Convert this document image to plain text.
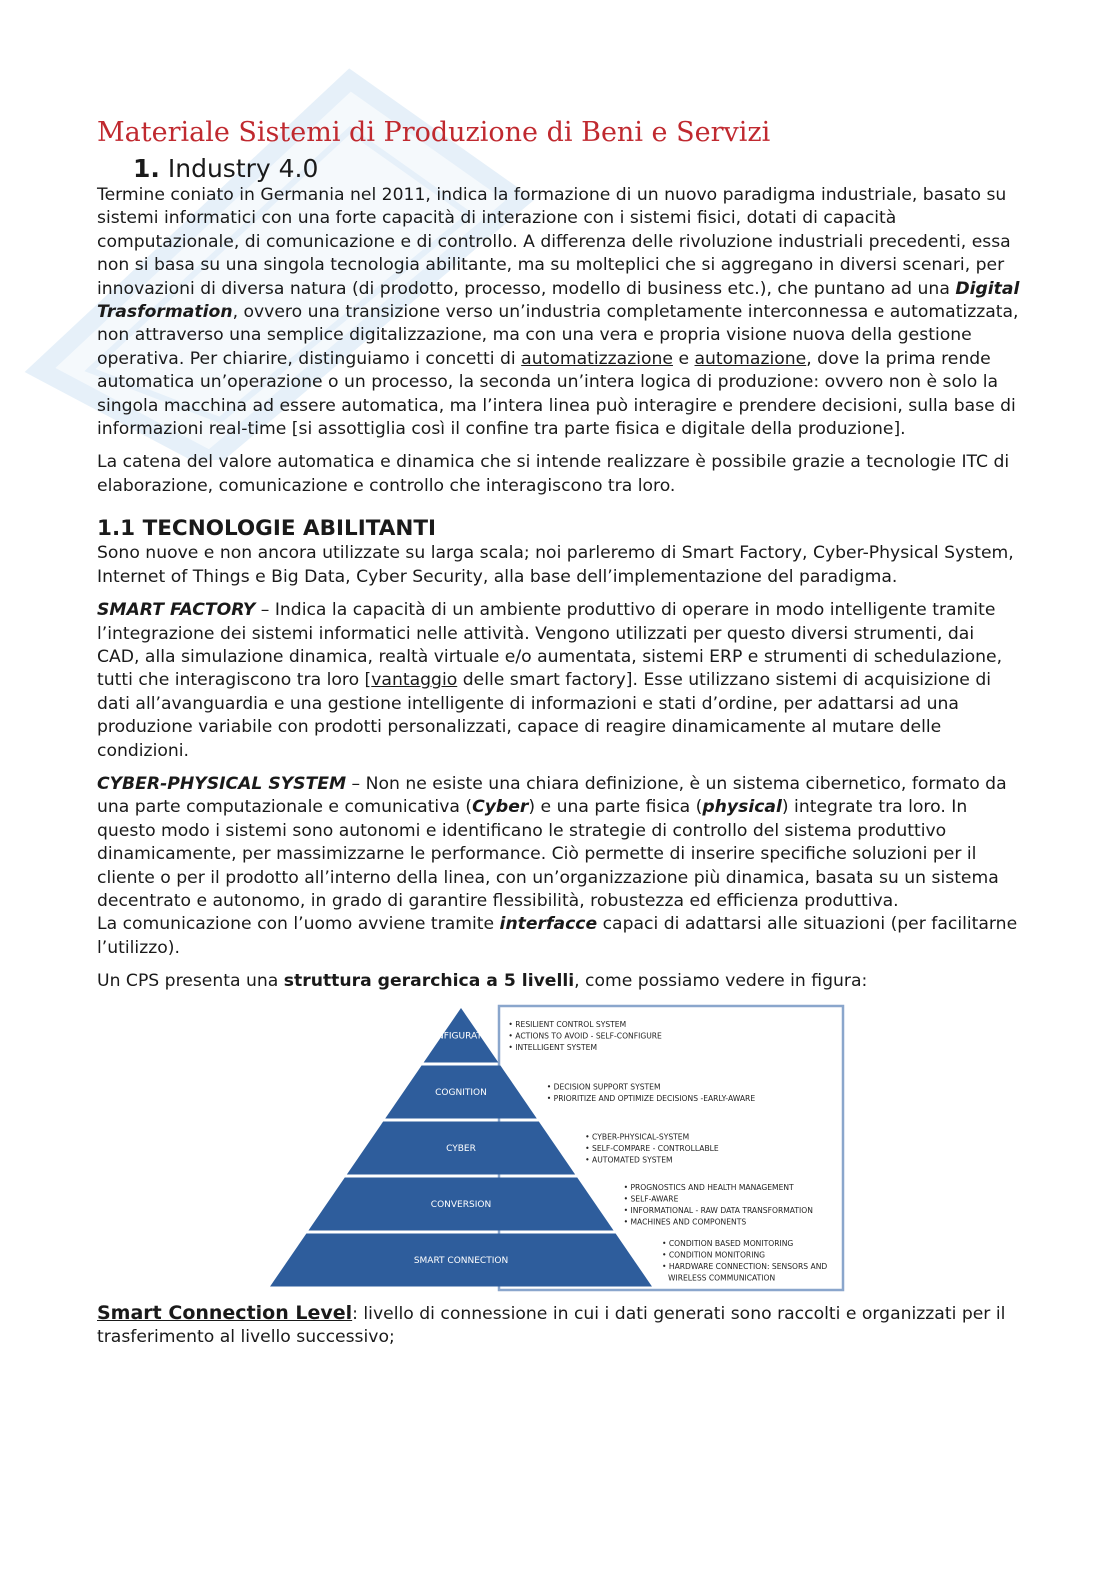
Materiale Sistemi di Produzione di Beni e Servizi
1. Industry 4.0

Termine coniato in Germania nel 2011, indica la formazione di un nuovo paradigma industriale, basato su sistemi informatici con una forte capacità di interazione con i sistemi fisici, dotati di capacità computazionale, di comunicazione e di controllo. A differenza delle rivoluzione industriali precedenti, essa non si basa su una singola tecnologia abilitante, ma su molteplici che si aggregano in diversi scenari, per innovazioni di diversa natura (di prodotto, processo, modello di business etc.), che puntano ad una Digital Trasformation, ovvero una transizione verso un’industria completamente interconnessa e automatizzata, non attraverso una semplice digitalizzazione, ma con una vera e propria visione nuova della gestione operativa. Per chiarire, distinguiamo i concetti di automatizzazione e automazione, dove la prima rende automatica un’operazione o un processo, la seconda un’intera logica di produzione: ovvero non è solo la singola macchina ad essere automatica, ma l’intera linea può interagire e prendere decisioni, sulla base di informazioni real-time [si assottiglia così il confine tra parte fisica e digitale della produzione].

La catena del valore automatica e dinamica che si intende realizzare è possibile grazie a tecnologie ITC di elaborazione, comunicazione e controllo che interagiscono tra loro.

1.1 TECNOLOGIE ABILITANTI

Sono nuove e non ancora utilizzate su larga scala; noi parleremo di Smart Factory, Cyber-Physical System, Internet of Things e Big Data, Cyber Security, alla base dell’implementazione del paradigma.

SMART FACTORY – Indica la capacità di un ambiente produttivo di operare in modo intelligente tramite l’integrazione dei sistemi informatici nelle attività. Vengono utilizzati per questo diversi strumenti, dai CAD, alla simulazione dinamica, realtà virtuale e/o aumentata, sistemi ERP e strumenti di schedulazione, tutti che interagiscono tra loro [vantaggio delle smart factory]. Esse utilizzano sistemi di acquisizione di dati all’avanguardia e una gestione intelligente di informazioni e stati d’ordine, per adattarsi ad una produzione variabile con prodotti personalizzati, capace di reagire dinamicamente al mutare delle condizioni.

CYBER-PHYSICAL SYSTEM – Non ne esiste una chiara definizione, è un sistema cibernetico, formato da una parte computazionale e comunicativa (Cyber) e una parte fisica (physical) integrate tra loro. In questo modo i sistemi sono autonomi e identificano le strategie di controllo del sistema produttivo dinamicamente, per massimizzarne le performance. Ciò permette di inserire specifiche soluzioni per il cliente o per il prodotto all’interno della linea, con un’organizzazione più dinamica, basata su un sistema decentrato e autonomo, in grado di garantire flessibilità, robustezza ed efficienza produttiva.

La comunicazione con l’uomo avviene tramite interfacce capaci di adattarsi alle situazioni (per facilitarne l’utilizzo).

Un CPS presenta una struttura gerarchica a 5 livelli, come possiamo vedere in figura:

CONFIGURATION
• RESILIENT CONTROL SYSTEM
• ACTIONS TO AVOID - SELF-CONFIGURE
• INTELLIGENT SYSTEM
COGNITION
• DECISION SUPPORT SYSTEM
• PRIORITIZE AND OPTIMIZE DECISIONS -EARLY-AWARE
CYBER
• CYBER-PHYSICAL-SYSTEM
• SELF-COMPARE - CONTROLLABLE
• AUTOMATED SYSTEM
CONVERSION
• PROGNOSTICS AND HEALTH MANAGEMENT
• SELF-AWARE
• INFORMATIONAL - RAW DATA TRANSFORMATION
• MACHINES AND COMPONENTS
SMART CONNECTION
• CONDITION BASED MONITORING
• CONDITION MONITORING
• HARDWARE CONNECTION: SENSORS AND
WIRELESS COMMUNICATION

Smart Connection Level: livello di connessione in cui i dati generati sono raccolti e organizzati per il trasferimento al livello successivo;
